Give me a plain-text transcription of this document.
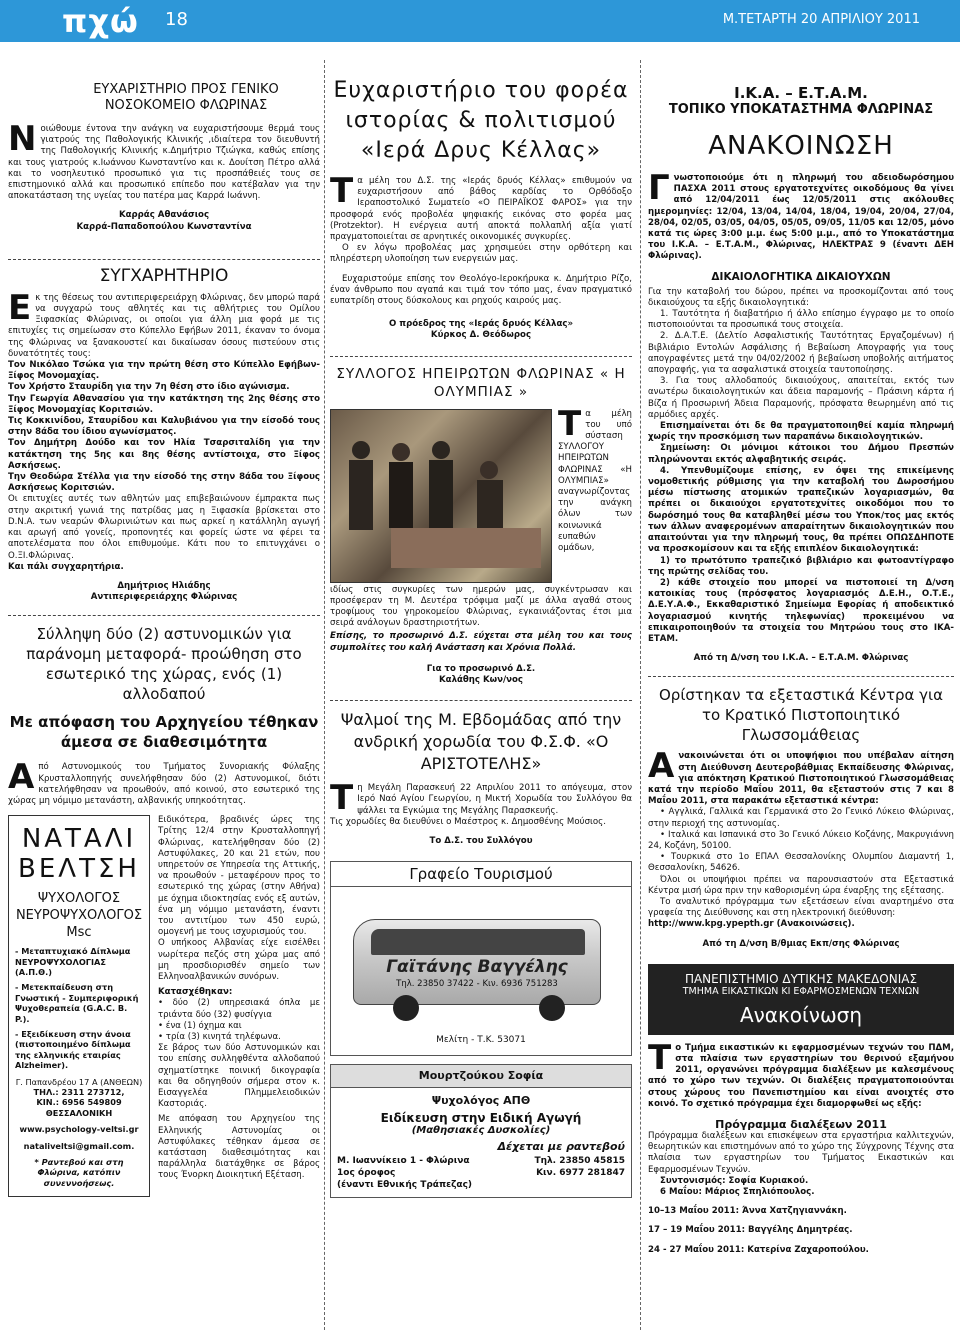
πχώ 18	Μ.ΤΕΤΑΡΤΗ 20 ΑΠΡΙΛΙΟΥ 2011
ΕΥΧΑΡΙΣΤΗΡΙΟ ΠΡΟΣ ΓΕΝΙΚΟ ΝΟΣΟΚΟΜΕΙΟ ΦΛΩΡΙΝΑΣ
Νοιώθουμε έντονα την ανάγκη να ευχαριστήσουμε θερμά τους γιατρούς της Παθολογικής Κλινικής ,ιδιαίτερα τον διευθυντή της Παθολογικής Κλινικής κ.Δημήτριο Τζιώγκα, καθώς επίσης και τους γιατρούς κ.Ιωάννου Κωνσταντίνο και κ. Δουίτση Πέτρο αλλά και το νοσηλευτικό προσωπικό για τις προσπάθειές τους σε επιστημονικό αλλά και προσωπικό επίπεδο που κατέβαλαν για την αποκατάσταση της υγείας του πατέρα μας Καρρά Ιωάννη.
Καρράς Αθανάσιος
Καρρά-Παπαδοπούλου Κωνσταντίνα
ΣΥΓΧΑΡΗΤΗΡΙΟ
Εκ της θέσεως του αντιπεριφερειάρχη Φλώρινας, δεν μπορώ παρά να συγχαρώ τους αθλητές και τις αθλήτριες του Ομίλου Ξιφασκίας Φλώρινας, οι οποίοι για άλλη μια φορά με τις επιτυχίες τις σημείωσαν στο Κύπελλο Εφήβων 2011, έκαναν το όνομα της Φλώρινας να ξανακουστεί και δικαίωσαν όσους πιστεύουν στις δυνατότητές τους:
Τον Νικόλαο Τσώκα για την πρώτη θέση στο Κύπελλο Εφήβων-Ξίφος Μονομαχίας.
Τον Χρήστο Σταυρίδη για την 7η θέση στο ίδιο αγώνισμα.
Την Γεωργία Αθανασίου για την κατάκτηση της 2ης θέσης στο Ξίφος Μονομαχίας Κοριτσιών.
Τις Κοκκινίδου, Σταυρίδου και Καλυβιάνου για την είσοδό τους στην 8άδα του ίδιου αγωνίσματος.
Τον Δημήτρη Δούδο και τον Ηλία Τσαρσιταλίδη για την κατάκτηση της 5ης και 8ης θέσης αντίστοιχα, στο Ξίφος Ασκήσεως.
Την Θεοδώρα Στέλλα για την είσοδό της στην 8άδα του Ξίφους Ασκήσεως Κοριτσιών.
Οι επιτυχίες αυτές των αθλητών μας επιβεβαιώνουν έμπρακτα πως στην ακριτική γωνιά της πατρίδας μας η Ξιφασκία βρίσκεται στο D.N.A. των νεαρών Φλωρινιώτων και πως αρκεί η κατάλληλη αγωγή και αρωγή από γονείς, προπονητές και φορείς ώστε να φέρει τα αποτελέσματα που όλοι επιθυμούμε. Κάτι που το επιτυγχάνει ο Ο.ΞΙ.Φλώρινας.
Και πάλι συγχαρητήρια.
Δημήτριος Ηλιάδης
Αντιπεριφερειάρχης Φλώρινας
Σύλληψη δύο (2) αστυνομικών για παράνομη μεταφορά- προώθηση στο εσωτερικό της χώρας, ενός (1) αλλοδαπού
Με απόφαση του Αρχηγείου τέθηκαν άμεσα σε διαθεσιμότητα
Από Αστυνομικούς του Τμήματος Συνοριακής Φύλαξης Κρυσταλλοπηγής συνελήφθησαν δύο (2) Αστυνομικοί, διότι κατελήφθησαν να προωθούν, από κοινού, στο εσωτερικό της χώρας μη νόμιμο μετανάστη, αλβανικής υπηκοότητας.
ΝΑΤΑΛΙ
ΒΕΛΤΣΗ
ΨΥΧΟΛΟΓΟΣ
ΝΕΥΡΟΨΥΧΟΛΟΓΟΣ
Msc
- Μεταπτυχιακό Δίπλωμα ΝΕΥΡΟΨΥΧΟΛΟΓΙΑΣ (Α.Π.Θ.)
- Μετεκπαίδευση στη Γνωστική - Συμπεριφορική Ψυχοθεραπεία (G.A.C. B. P.).
- Εξειδίκευση στην άνοια (πιστοποιημένο δίπλωμα της ελληνικής εταιρίας Alzheimer).
Γ. Παπανδρέου 17 Α (ΑΝΘΕΩΝ)
ΤΗΛ.: 2311 273712,
ΚΙΝ.: 6956 549809
ΘΕΣΣΑΛΟΝΙΚΗ
www.psychology-veltsi.gr
nataliveltsi@gmail.com.
* Ραντεβού και στη Φλώρινα, κατόπιν συνεννοήσεως.
Ειδικότερα, βραδινές ώρες της Τρίτης 12/4 στην Κρυσταλλοπηγή Φλώρινας, κατελήφθησαν δύο (2) Αστυφύλακες, 20 και 21 ετών, που υπηρετούν σε Υπηρεσία της Αττικής, να προωθούν - μεταφέρουν προς το εσωτερικό της χώρας (στην Αθήνα) με όχημα ιδιοκτησίας ενός εξ αυτών, ένα μη νόμιμο μετανάστη, έναντι του αντιτίμου των 450 ευρώ, ομογενή με τους ισχυρισμούς του.
Ο υπήκοος Αλβανίας είχε εισέλθει νωρίτερα πεζός στη χώρα μας από μη προσδιορισθέν σημείο των Ελληνοαλβανικών συνόρων.
Κατασχέθηκαν:
• δύο (2) υπηρεσιακά όπλα με τριάντα δύο (32) φυσίγγια
• ένα (1) όχημα και
• τρία (3) κινητά τηλέφωνα.
Σε βάρος των δύο Αστυνομικών και του επίσης συλληφθέντα αλλοδαπού σχηματίστηκε ποινική δικογραφία και θα οδηγηθούν σήμερα στον κ. Εισαγγελέα Πλημμελειοδικών Καστοριάς.
Με απόφαση του Αρχηγείου της Ελληνικής Αστυνομίας οι Αστυφύλακες τέθηκαν άμεσα σε κατάσταση διαθεσιμότητας και παράλληλα διατάχθηκε σε βάρος τους Ένορκη Διοικητική Εξέταση.
Ευχαριστήριο του φορέα ιστορίας & πολιτισμού «Ιερά Δρυς Κέλλας»
Τα μέλη του Δ.Σ. της «Ιεράς δρυός Κέλλας» επιθυμούν να ευχαριστήσουν από βάθος καρδίας το Ορθόδοξο Ιεραποστολικό Σωματείο «Ο ΠΕΙΡΑΪΚΟΣ ΦΑΡΟΣ» για την προσφορά ενός προβολέα ψηφιακής εικόνας στο φορέα μας (Protzektor). Η ενέργεια αυτή αποκτά πολλαπλή αξία γιατί πραγματοποιείται σε αρνητικές οικονομικές συγκυρίες.
Ο εν λόγω προβολέας μας χρησιμεύει στην ορθότερη και πληρέστερη υλοποίηση των ενεργειών μας.
Ευχαριστούμε επίσης τον Θεολόγο-Ιεροκήρυκα κ. Δημήτριο Ρίζο, έναν άνθρωπο που αγαπά και τιμά τον τόπο μας, έναν πραγματικό ευπατρίδη στους δύσκολους και ρηχούς καιρούς μας.
Ο πρόεδρος της «Ιεράς δρυός Κέλλας»
Κύρκος Δ. Θεόδωρος
ΣΥΛΛΟΓΟΣ ΗΠΕΙΡΩΤΩΝ ΦΛΩΡΙΝΑΣ « Η ΟΛΥΜΠΙΑΣ »
Τα μέλη του υπό σύσταση ΣΥΛΛΟΓΟΥ ΗΠΕΙΡΩΤΩΝ ΦΛΩΡΙΝΑΣ «Η ΟΛΥΜΠΙΑΣ» αναγνωρίζοντας την ανάγκη όλων των κοινωνικά ευπαθών ομάδων,
ιδίως στις συγκυρίες των ημερών μας, συγκέντρωσαν και προσέφεραν τη Μ. Δευτέρα τρόφιμα μαζί με άλλα αγαθά στους τροφίμους του γηροκομείου Φλώρινας, εγκαινιάζοντας έτσι μια σειρά ανάλογων δραστηριοτήτων.
Επίσης, το προσωρινό Δ.Σ. εύχεται στα μέλη του και τους συμπολίτες του καλή Ανάσταση και Χρόνια Πολλά.
Για το προσωρινό Δ.Σ.
Καλάθης Κων/νος
Ψαλμοί της Μ. Εβδομάδας από την ανδρική χορωδία του Φ.Σ.Φ. «Ο ΑΡΙΣΤΟΤΕΛΗΣ»
Τη Μεγάλη Παρασκευή 22 Απριλίου 2011 το απόγευμα, στον Ιερό Ναό Αγίου Γεωργίου, η Μικτή Χορωδία του Συλλόγου θα ψάλλει τα Εγκώμια της Μεγάλης Παρασκευής.
Τις χορωδίες θα διευθύνει ο Μαέστρος κ. Δημοσθένης Μούσιος.
Το Δ.Σ. του Συλλόγου
Γραφείο Τουρισμού
Γαϊτάνης Βαγγέλης
Τηλ. 23850 37422 - Κιν. 6936 751283
Μελίτη - Τ.Κ. 53071
Μουρτζούκου Σοφία
Ψυχολόγος ΑΠΘ
Ειδίκευση στην Ειδική Αγωγή
(Μαθησιακές Δυσκολίες)
Δέχεται με ραντεβού
Μ. Ιωαννίκειο 1 - Φλώρινα
1ος όροφος
(έναντι Εθνικής Τράπεζας)
Τηλ. 23850 45815
Κιν. 6977 281847
Ι.Κ.Α. – Ε.Τ.Α.Μ.
ΤΟΠΙΚΟ ΥΠΟΚΑΤΑΣΤΗΜΑ ΦΛΩΡΙΝΑΣ
ΑΝΑΚΟΙΝΩΣΗ
Γνωστοποιούμε ότι η πληρωμή του αδειοδωρόσημου ΠΑΣΧΑ 2011 στους εργατοτεχνίτες οικοδόμους θα γίνει από 12/04/2011 έως 12/05/2011 στις ακόλουθες ημερομηνίες: 12/04, 13/04, 14/04, 18/04, 19/04, 20/04, 27/04, 28/04, 02/05, 03/05, 04/05, 05/05, 09/05, 11/05 και 12/05, μόνο κατά τις ώρες 3:00 μ.μ. έως 5:00 μ.μ., από το Υποκατάστημα του Ι.Κ.Α. – Ε.Τ.Α.Μ., Φλώρινας, ΗΛΕΚΤΡΑΣ 9 (έναντι ΔΕΗ Φλώρινας).
ΔΙΚΑΙΟΛΟΓΗΤΙΚΑ ΔΙΚΑΙΟΥΧΩΝ
Για την καταβολή του δώρου, πρέπει να προσκομίζονται από τους δικαιούχους τα εξής δικαιολογητικά:
1. Ταυτότητα ή διαβατήριο ή άλλο επίσημο έγγραφο με το οποίο πιστοποιούνται τα προσωπικά τους στοιχεία.
2. Δ.Α.Τ.Ε. (Δελτίο Ασφαλιστικής Ταυτότητας Εργαζομένων) ή Βιβλιάριο Εντολών Ασφάλισης ή Βεβαίωση Απογραφής για τους απογραφέντες μετά την 04/02/2002 ή βεβαίωση υποβολής αιτήματος απογραφής, για τα ασφαλιστικά στοιχεία ταυτοποίησης.
3. Για τους αλλοδαπούς δικαιούχους, απαιτείται, εκτός των ανωτέρω δικαιολογητικών και άδεια παραμονής – Πράσινη κάρτα ή Βίζα ή Προσωρινή Άδεια Παραμονής, πρόσφατα θεωρημένη από τις αρμόδιες αρχές.
Επισημαίνεται ότι δε θα πραγματοποιηθεί καμία πληρωμή χωρίς την προσκόμιση των παραπάνω δικαιολογητικών.
Σημείωση: Οι μόνιμοι κάτοικοι του Δήμου Πρεσπών πληρώνονται εκτός αλφαβητικής σειράς.
4. Υπενθυμίζουμε επίσης, εν όψει της επικείμενης νομοθετικής ρύθμισης για την καταβολή του Δωροσήμου μέσω πίστωσης ατομικών τραπεζικών λογαριασμών, θα πρέπει οι δικαιούχοι εργατοτεχνίτες οικοδόμοι που το δωρόσημό τους θα καταβληθεί μέσω του Υποκ/τος μας εκτός των άλλων αναφερομένων απαραίτητων δικαιολογητικών που απαιτούνται για την πληρωμή τους, θα πρέπει ΟΠΩΣΔΗΠΟΤΕ να προσκομίσουν και τα εξής επιπλέον δικαιολογητικά:
1) το πρωτότυπο τραπεζικό βιβλιάριο και φωτοαντίγραφο της πρώτης σελίδας του.
2) κάθε στοιχείο που μπορεί να πιστοποιεί τη Δ/νση κατοικίας τους (πρόσφατος λογαριασμός Δ.Ε.Η., Ο.Τ.Ε., Δ.Ε.Υ.Α.Φ., Εκκαθαριστικό Σημείωμα Εφορίας ή αποδεικτικό λογαριασμού κινητής τηλεφωνίας) προκειμένου να επικαιροποιηθούν τα στοιχεία του Μητρώου τους στο ΙΚΑ-ΕΤΑΜ.
Από τη Δ/νση του Ι.Κ.Α. – Ε.Τ.Α.Μ. Φλώρινας
Ορίστηκαν τα εξεταστικά Κέντρα για το Κρατικό Πιστοποιητικό Γλωσσομάθειας
Ανακοινώνεται ότι οι υποψήφιοι που υπέβαλαν αίτηση στη Διεύθυνση Δευτεροβάθμιας Εκπαίδευσης Φλώρινας, για απόκτηση Κρατικού Πιστοποιητικού Γλωσσομάθειας κατά την περίοδο Μαΐου 2011, θα εξεταστούν στις 7 και 8 Μαΐου 2011, στα παρακάτω εξεταστικά κέντρα:
• Αγγλικά, Γαλλικά και Γερμανικά στο 2ο Γενικό Λύκειο Φλώρινας, στην περιοχή της αστυνομίας.
• Ιταλικά και Ισπανικά στο 3ο Γενικό Λύκειο Κοζάνης, Μακρυγιάννη 24, Κοζάνη, 50100.
• Τουρκικά στο 1ο ΕΠΑΛ Θεσσαλονίκης Ολυμπίου Διαμαντή 1, Θεσσαλονίκη, 54626.
Όλοι οι υποψήφιοι πρέπει να παρουσιαστούν στα Εξεταστικά Κέντρα μισή ώρα πριν την καθορισμένη ώρα έναρξης της εξέτασης.
Το αναλυτικό πρόγραμμα των εξετάσεων είναι αναρτημένο στα γραφεία της Διεύθυνσης και στη ηλεκτρονική διεύθυνση:
http://www.kpg.ypepth.gr (Ανακοινώσεις).
Από τη Δ/νση Β/θμιας Εκπ/σης Φλώρινας
ΠΑΝΕΠΙΣΤΗΜΙΟ ΔΥΤΙΚΗΣ ΜΑΚΕΔΟΝΙΑΣ
ΤΜΗΜΑ ΕΙΚΑΣΤΙΚΩΝ ΚΙ ΕΦΑΡΜΟΣΜΕΝΩΝ ΤΕΧΝΩΝ
Ανακοίνωση
Το Τμήμα εικαστικών κι εφαρμοσμένων τεχνών του ΠΔΜ, στα πλαίσια των εργαστηρίων του θερινού εξαμήνου 2011, οργανώνει πρόγραμμα διαλέξεων με καλεσμένους από το χώρο των τεχνών. Οι διαλέξεις πραγματοποιούνται στους χώρους του Πανεπιστημίου και είναι ανοιχτές στο κοινό. Το σχετικό πρόγραμμα έχει διαμορφωθεί ως εξής:
Πρόγραμμα διαλέξεων 2011
Πρόγραμμα διαλέξεων και επισκέψεων στα εργαστήρια καλλιτεχνών, θεωρητικών και επιστημόνων από το χώρο της Σύγχρονης Τέχνης στα πλαίσια των εργαστηρίων του Τμήματος Εικαστικών και Εφαρμοσμένων Τεχνών.
Συντονισμός: Σοφία Κυριακού.
6 Μαΐου: Μάριος Σπηλιόπουλος.
10–13 Μαΐου 2011: Άννα Χατζηγιαννάκη.
17 – 19 Μαΐου 2011: Βαγγέλης Δημητρέας.
24 - 27 Μαΐου 2011: Κατερίνα Ζαχαροπούλου.
